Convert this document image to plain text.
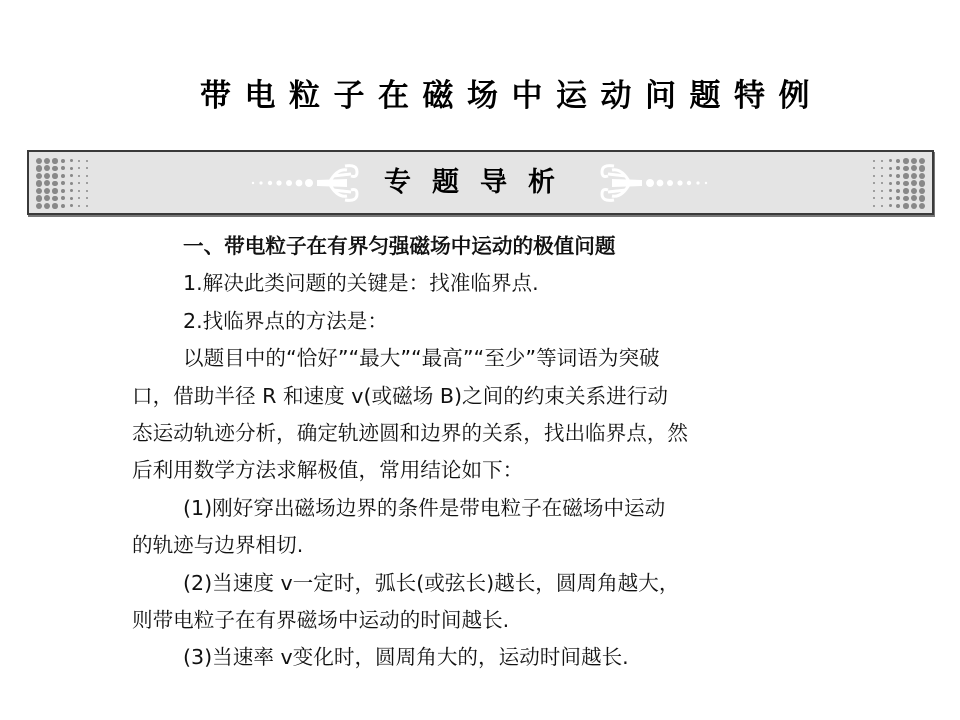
带电粒子在磁场中运动问题特例
专题导析

一、带电粒子在有界匀强磁场中运动的极值问题

1.解决此类问题的关键是：找准临界点.

2.找临界点的方法是：

以题目中的“恰好”“最大”“最高”“至少”等词语为突破

口，借助半径 R 和速度 v(或磁场 B)之间的约束关系进行动

态运动轨迹分析，确定轨迹圆和边界的关系，找出临界点，然

后利用数学方法求解极值，常用结论如下：

(1)刚好穿出磁场边界的条件是带电粒子在磁场中运动

的轨迹与边界相切.

(2)当速度 v一定时，弧长(或弦长)越长，圆周角越大，

则带电粒子在有界磁场中运动的时间越长.

(3)当速率 v变化时，圆周角大的，运动时间越长.
